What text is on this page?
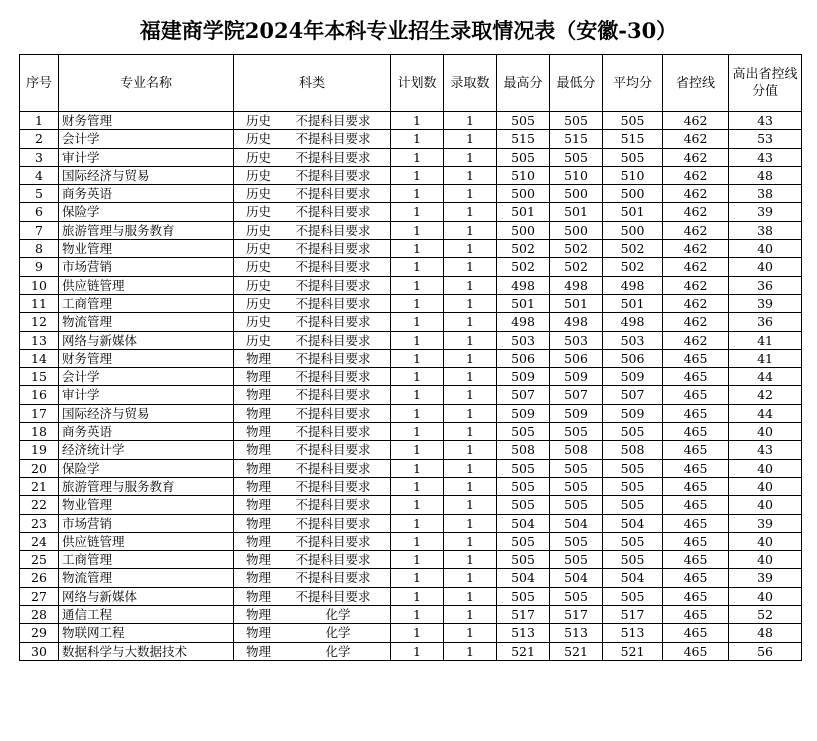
福建商学院2024年本科专业招生录取情况表（安徽-30）
序号	专业名称	科类		计划数	录取数	最高分	最低分	平均分	省控线	高出省控线分值
1	财务管理	历史	不提科目要求	1	1	505	505	505	462	43
2	会计学	历史	不提科目要求	1	1	515	515	515	462	53
3	审计学	历史	不提科目要求	1	1	505	505	505	462	43
4	国际经济与贸易	历史	不提科目要求	1	1	510	510	510	462	48
5	商务英语	历史	不提科目要求	1	1	500	500	500	462	38
6	保险学	历史	不提科目要求	1	1	501	501	501	462	39
7	旅游管理与服务教育	历史	不提科目要求	1	1	500	500	500	462	38
8	物业管理	历史	不提科目要求	1	1	502	502	502	462	40
9	市场营销	历史	不提科目要求	1	1	502	502	502	462	40
10	供应链管理	历史	不提科目要求	1	1	498	498	498	462	36
11	工商管理	历史	不提科目要求	1	1	501	501	501	462	39
12	物流管理	历史	不提科目要求	1	1	498	498	498	462	36
13	网络与新媒体	历史	不提科目要求	1	1	503	503	503	462	41
14	财务管理	物理	不提科目要求	1	1	506	506	506	465	41
15	会计学	物理	不提科目要求	1	1	509	509	509	465	44
16	审计学	物理	不提科目要求	1	1	507	507	507	465	42
17	国际经济与贸易	物理	不提科目要求	1	1	509	509	509	465	44
18	商务英语	物理	不提科目要求	1	1	505	505	505	465	40
19	经济统计学	物理	不提科目要求	1	1	508	508	508	465	43
20	保险学	物理	不提科目要求	1	1	505	505	505	465	40
21	旅游管理与服务教育	物理	不提科目要求	1	1	505	505	505	465	40
22	物业管理	物理	不提科目要求	1	1	505	505	505	465	40
23	市场营销	物理	不提科目要求	1	1	504	504	504	465	39
24	供应链管理	物理	不提科目要求	1	1	505	505	505	465	40
25	工商管理	物理	不提科目要求	1	1	505	505	505	465	40
26	物流管理	物理	不提科目要求	1	1	504	504	504	465	39
27	网络与新媒体	物理	不提科目要求	1	1	505	505	505	465	40
28	通信工程	物理	化学	1	1	517	517	517	465	52
29	物联网工程	物理	化学	1	1	513	513	513	465	48
30	数据科学与大数据技术	物理	化学	1	1	521	521	521	465	56
